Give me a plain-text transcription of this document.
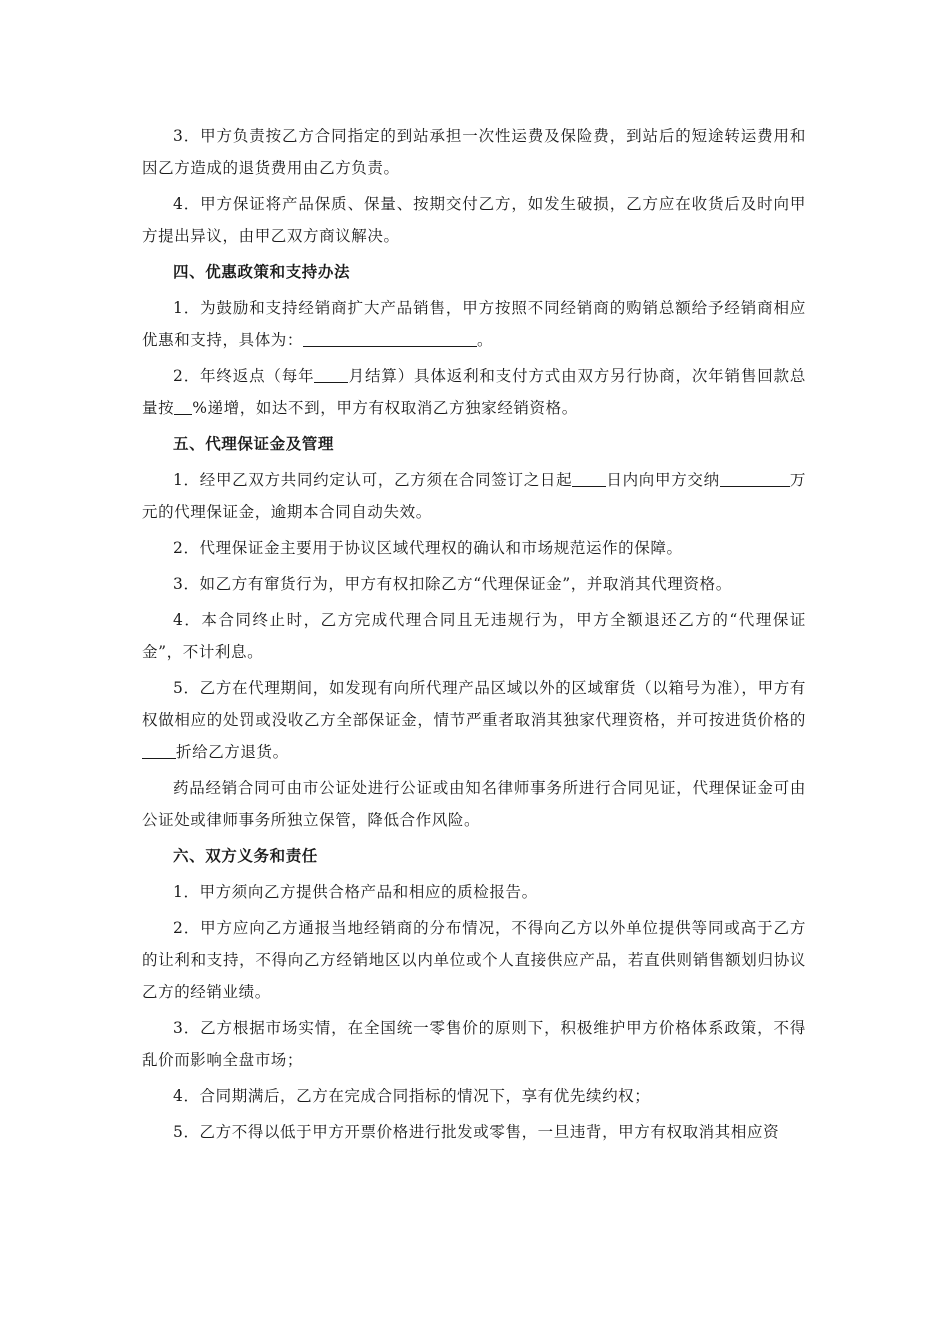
3．甲方负责按乙方合同指定的到站承担一次性运费及保险费，到站后的短途转运费用和因乙方造成的退货费用由乙方负责。

4．甲方保证将产品保质、保量、按期交付乙方，如发生破损，乙方应在收货后及时向甲方提出异议，由甲乙双方商议解决。

四、优惠政策和支持办法

1．为鼓励和支持经销商扩大产品销售，甲方按照不同经销商的购销总额给予经销商相应优惠和支持，具体为：	。

2．年终返点（每年 月结算）具体返利和支付方式由双方另行协商，次年销售回款总量按 %递增，如达不到，甲方有权取消乙方独家经销资格。

五、代理保证金及管理

1．经甲乙双方共同约定认可，乙方须在合同签订之日起 日内向甲方交纳	万元的代理保证金，逾期本合同自动失效。

2．代理保证金主要用于协议区域代理权的确认和市场规范运作的保障。

3．如乙方有窜货行为，甲方有权扣除乙方“代理保证金”，并取消其代理资格。

4．本合同终止时，乙方完成代理合同且无违规行为，甲方全额退还乙方的“代理保证金”，不计利息。

5．乙方在代理期间，如发现有向所代理产品区域以外的区域窜货（以箱号为准），甲方有权做相应的处罚或没收乙方全部保证金，情节严重者取消其独家代理资格，并可按进货价格的折给乙方退货。

药品经销合同可由市公证处进行公证或由知名律师事务所进行合同见证，代理保证金可由公证处或律师事务所独立保管，降低合作风险。

六、双方义务和责任

1．甲方须向乙方提供合格产品和相应的质检报告。

2．甲方应向乙方通报当地经销商的分布情况，不得向乙方以外单位提供等同或高于乙方的让利和支持，不得向乙方经销地区以内单位或个人直接供应产品，若直供则销售额划归协议乙方的经销业绩。

3．乙方根据市场实情，在全国统一零售价的原则下，积极维护甲方价格体系政策，不得乱价而影响全盘市场；

4．合同期满后，乙方在完成合同指标的情况下，享有优先续约权；

5．乙方不得以低于甲方开票价格进行批发或零售，一旦违背，甲方有权取消其相应资
